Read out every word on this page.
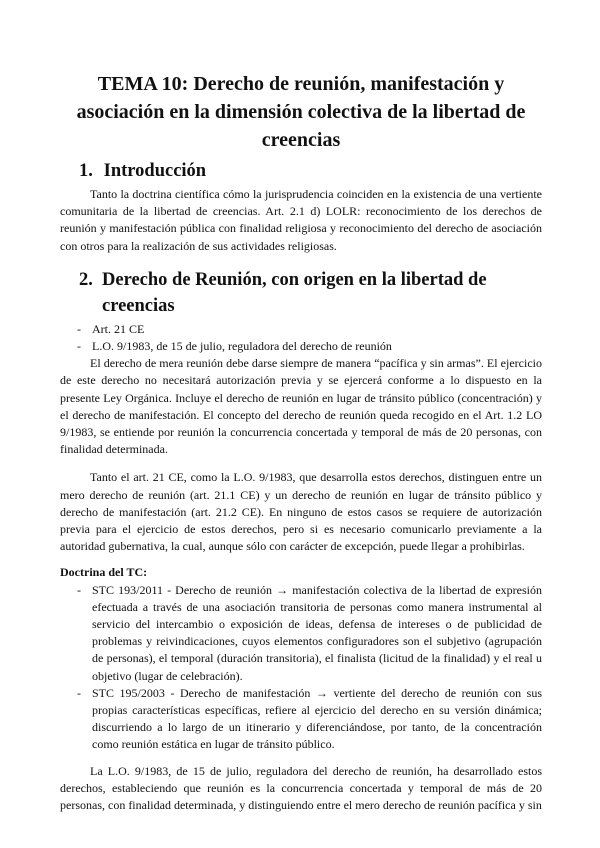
TEMA 10: Derecho de reunión, manifestación y asociación en la dimensión colectiva de la libertad de creencias
1. Introducción

Tanto la doctrina científica cómo la jurisprudencia coinciden en la existencia de una vertiente comunitaria de la libertad de creencias. Art. 2.1 d) LOLR: reconocimiento de los derechos de reunión y manifestación pública con finalidad religiosa y reconocimiento del derecho de asociación con otros para la realización de sus actividades religiosas.

2. Derecho de Reunión, con origen en la libertad de
creencias
- Art. 21 CE
- L.O. 9/1983, de 15 de julio, reguladora del derecho de reunión

El derecho de mera reunión debe darse siempre de manera “pacífica y sin armas”. El ejercicio de este derecho no necesitará autorización previa y se ejercerá conforme a lo dispuesto en la presente Ley Orgánica. Incluye el derecho de reunión en lugar de tránsito público (concentración) y el derecho de manifestación. El concepto del derecho de reunión queda recogido en el Art. 1.2 LO 9/1983, se entiende por reunión la concurrencia concertada y temporal de más de 20 personas, con finalidad determinada.

Tanto el art. 21 CE, como la L.O. 9/1983, que desarrolla estos derechos, distinguen entre un mero derecho de reunión (art. 21.1 CE) y un derecho de reunión en lugar de tránsito público y derecho de manifestación (art. 21.2 CE). En ninguno de estos casos se requiere de autorización previa para el ejercicio de estos derechos, pero si es necesario comunicarlo previamente a la autoridad gubernativa, la cual, aunque sólo con carácter de excepción, puede llegar a prohibirlas.

Doctrina del TC:
- STC 193/2011 - Derecho de reunión → manifestación colectiva de la libertad de expresión efectuada a través de una asociación transitoria de personas como manera instrumental al servicio del intercambio o exposición de ideas, defensa de intereses o de publicidad de problemas y reivindicaciones, cuyos elementos configuradores son el subjetivo (agrupación de personas), el temporal (duración transitoria), el finalista (licitud de la finalidad) y el real u objetivo (lugar de celebración).
- STC 195/2003 - Derecho de manifestación → vertiente del derecho de reunión con sus propias características específicas, refiere al ejercicio del derecho en su versión dinámica; discurriendo a lo largo de un itinerario y diferenciándose, por tanto, de la concentración como reunión estática en lugar de tránsito público.

La L.O. 9/1983, de 15 de julio, reguladora del derecho de reunión, ha desarrollado estos derechos, estableciendo que reunión es la concurrencia concertada y temporal de más de 20 personas, con finalidad determinada, y distinguiendo entre el mero derecho de reunión pacífica y sin
